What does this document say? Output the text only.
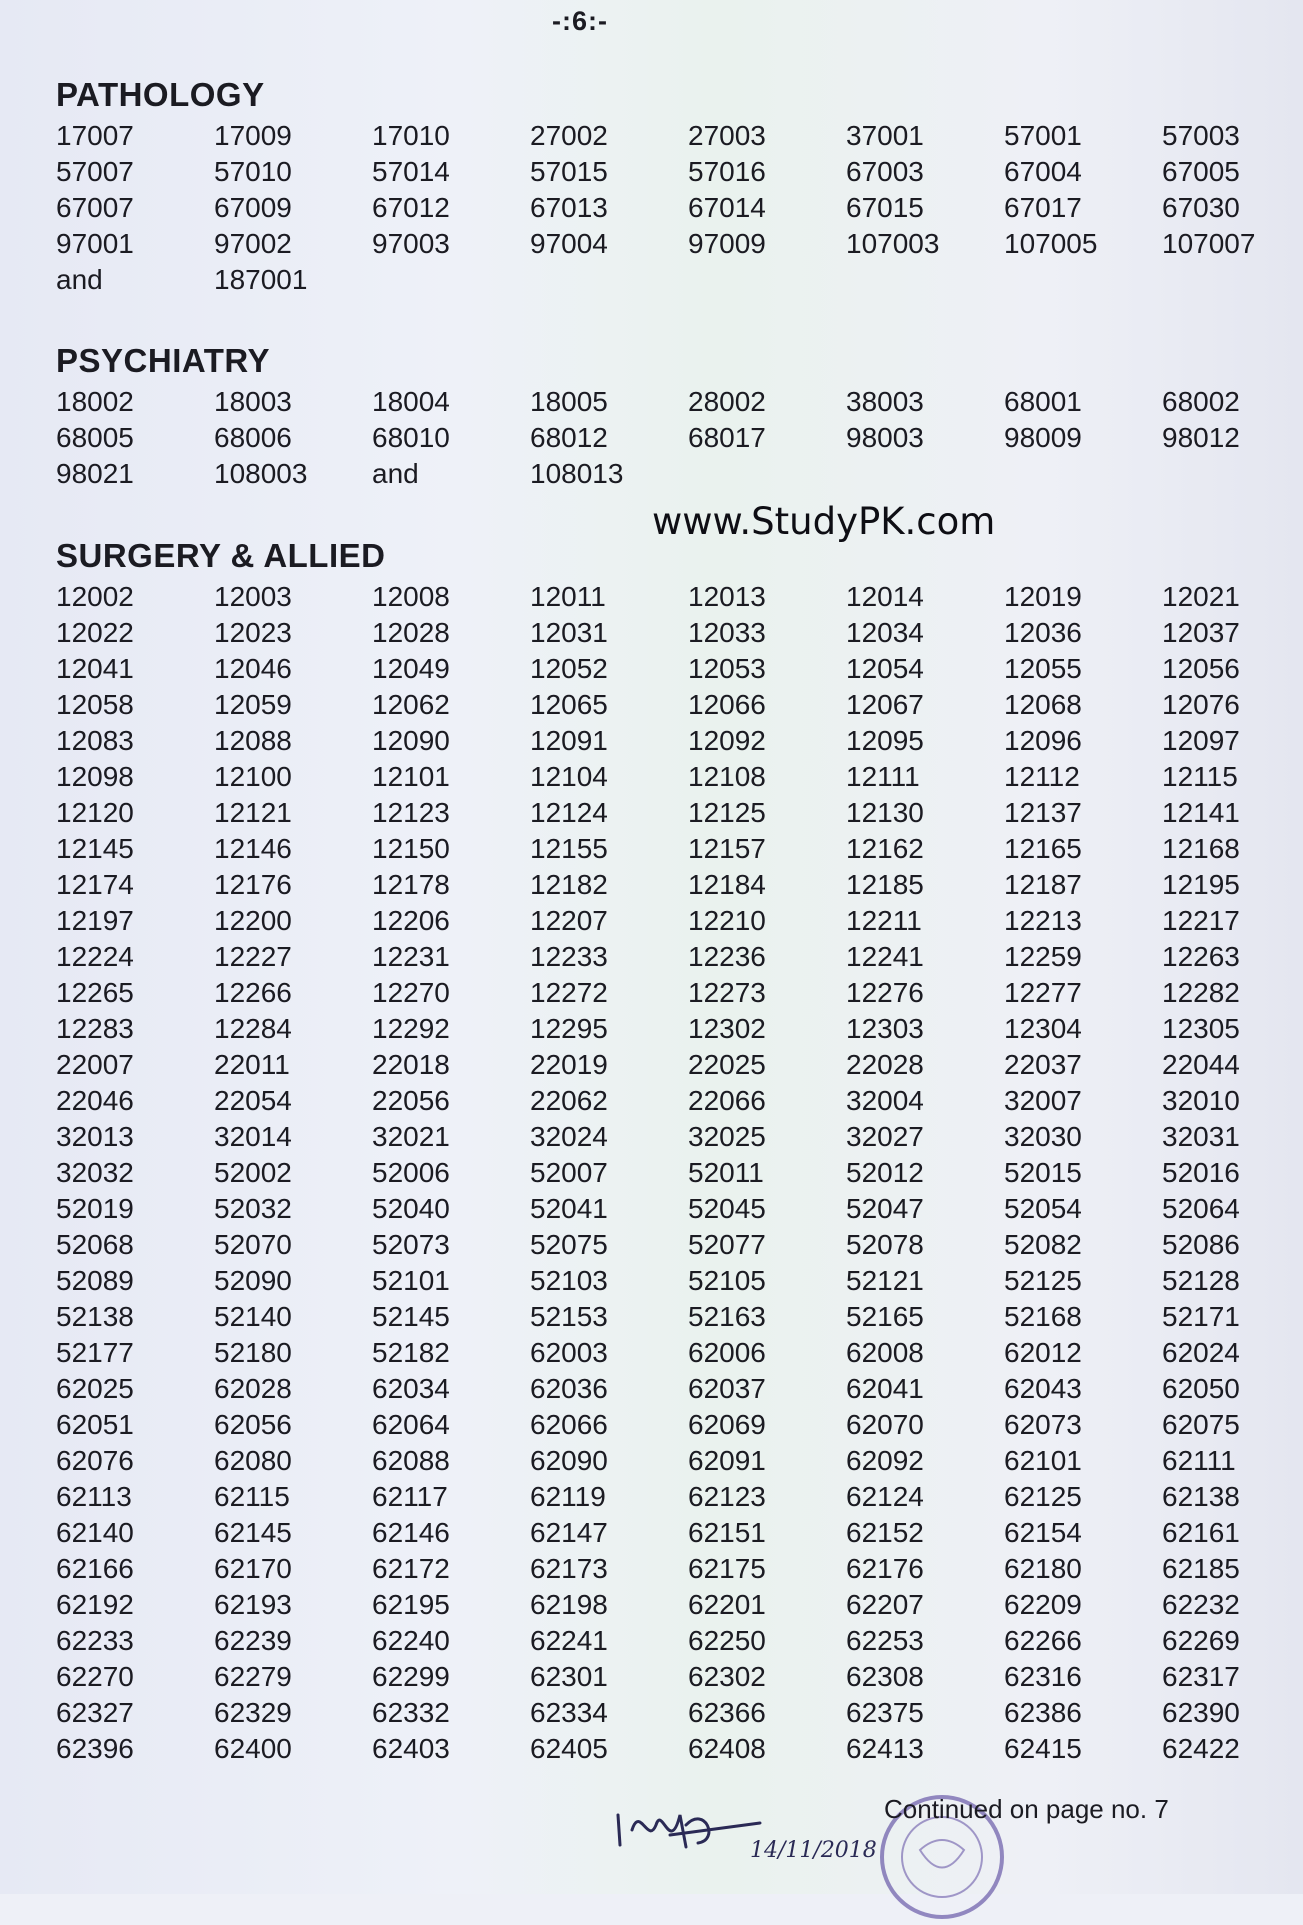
-:6:-
PATHOLOGY
17007	17009	17010	27002	27003	37001	57001	57003
57007	57010	57014	57015	57016	67003	67004	67005
67007	67009	67012	67013	67014	67015	67017	67030
97001	97002	97003	97004	97009	107003	107005	107007
and	187001
PSYCHIATRY
18002	18003	18004	18005	28002	38003	68001	68002
68005	68006	68010	68012	68017	98003	98009	98012
98021	108003	and	108013
www.StudyPK.com
SURGERY & ALLIED
12002	12003	12008	12011	12013	12014	12019	12021
12022	12023	12028	12031	12033	12034	12036	12037
12041	12046	12049	12052	12053	12054	12055	12056
12058	12059	12062	12065	12066	12067	12068	12076
12083	12088	12090	12091	12092	12095	12096	12097
12098	12100	12101	12104	12108	12111	12112	12115
12120	12121	12123	12124	12125	12130	12137	12141
12145	12146	12150	12155	12157	12162	12165	12168
12174	12176	12178	12182	12184	12185	12187	12195
12197	12200	12206	12207	12210	12211	12213	12217
12224	12227	12231	12233	12236	12241	12259	12263
12265	12266	12270	12272	12273	12276	12277	12282
12283	12284	12292	12295	12302	12303	12304	12305
22007	22011	22018	22019	22025	22028	22037	22044
22046	22054	22056	22062	22066	32004	32007	32010
32013	32014	32021	32024	32025	32027	32030	32031
32032	52002	52006	52007	52011	52012	52015	52016
52019	52032	52040	52041	52045	52047	52054	52064
52068	52070	52073	52075	52077	52078	52082	52086
52089	52090	52101	52103	52105	52121	52125	52128
52138	52140	52145	52153	52163	52165	52168	52171
52177	52180	52182	62003	62006	62008	62012	62024
62025	62028	62034	62036	62037	62041	62043	62050
62051	62056	62064	62066	62069	62070	62073	62075
62076	62080	62088	62090	62091	62092	62101	62111
62113	62115	62117	62119	62123	62124	62125	62138
62140	62145	62146	62147	62151	62152	62154	62161
62166	62170	62172	62173	62175	62176	62180	62185
62192	62193	62195	62198	62201	62207	62209	62232
62233	62239	62240	62241	62250	62253	62266	62269
62270	62279	62299	62301	62302	62308	62316	62317
62327	62329	62332	62334	62366	62375	62386	62390
62396	62400	62403	62405	62408	62413	62415	62422
14/11/2018
Continued on page no. 7
